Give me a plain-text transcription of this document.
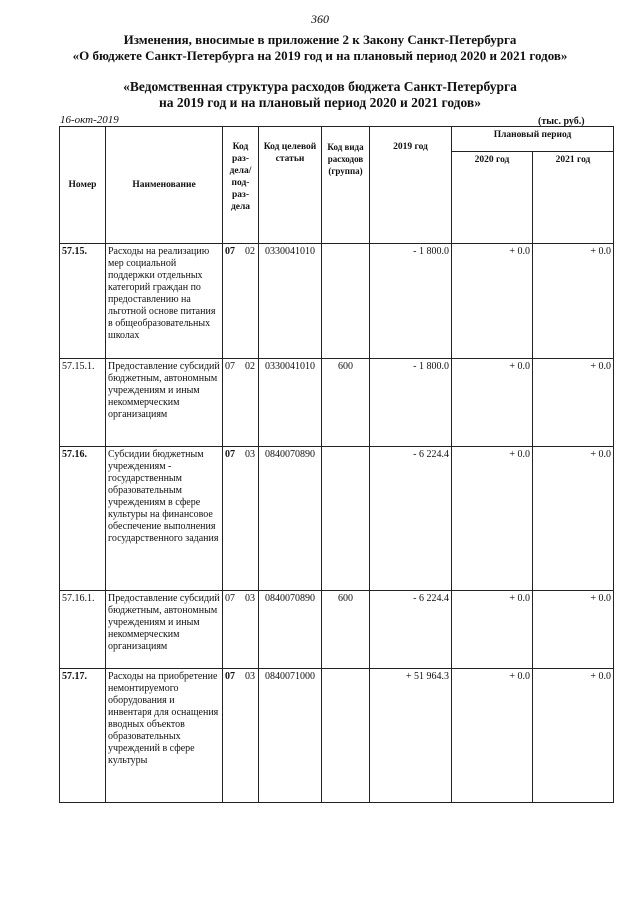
360
Изменения, вносимые в приложение 2 к Закону Санкт-Петербурга
«О бюджете Санкт-Петербурга на 2019 год и на плановый период 2020 и 2021 годов»
«Ведомственная структура расходов бюджета Санкт-Петербурга
на 2019 год и на плановый период 2020 и 2021 годов»
16-окт-2019	(тыс. руб.)
Номер	Наименование	Код раз- дела/ под- раз- дела	Код целевой статьи	Код вида расходов (группа)	2019 год	Плановый период	
						2020 год	2021 год
57.15.	Расходы на реализацию мер социальной поддержки отдельных категорий граждан по предоставлению на льготной основе питания в общеобразовательных школах	07 02	0330041010		- 1 800.0	+ 0.0	+ 0.0
57.15.1.	Предоставление субсидий бюджетным, автономным учреждениям и иным некоммерческим организациям	07 02	0330041010	600	- 1 800.0	+ 0.0	+ 0.0
57.16.	Субсидии бюджетным учреждениям - государственным образовательным учреждениям в сфере культуры на финансовое обеспечение выполнения государственного задания	07 03	0840070890		- 6 224.4	+ 0.0	+ 0.0
57.16.1.	Предоставление субсидий бюджетным, автономным учреждениям и иным некоммерческим организациям	07 03	0840070890	600	- 6 224.4	+ 0.0	+ 0.0
57.17.	Расходы на приобретение немонтируемого оборудования и инвентаря для оснащения вводных объектов образовательных учреждений в сфере культуры	07 03	0840071000		+ 51 964.3	+ 0.0	+ 0.0
